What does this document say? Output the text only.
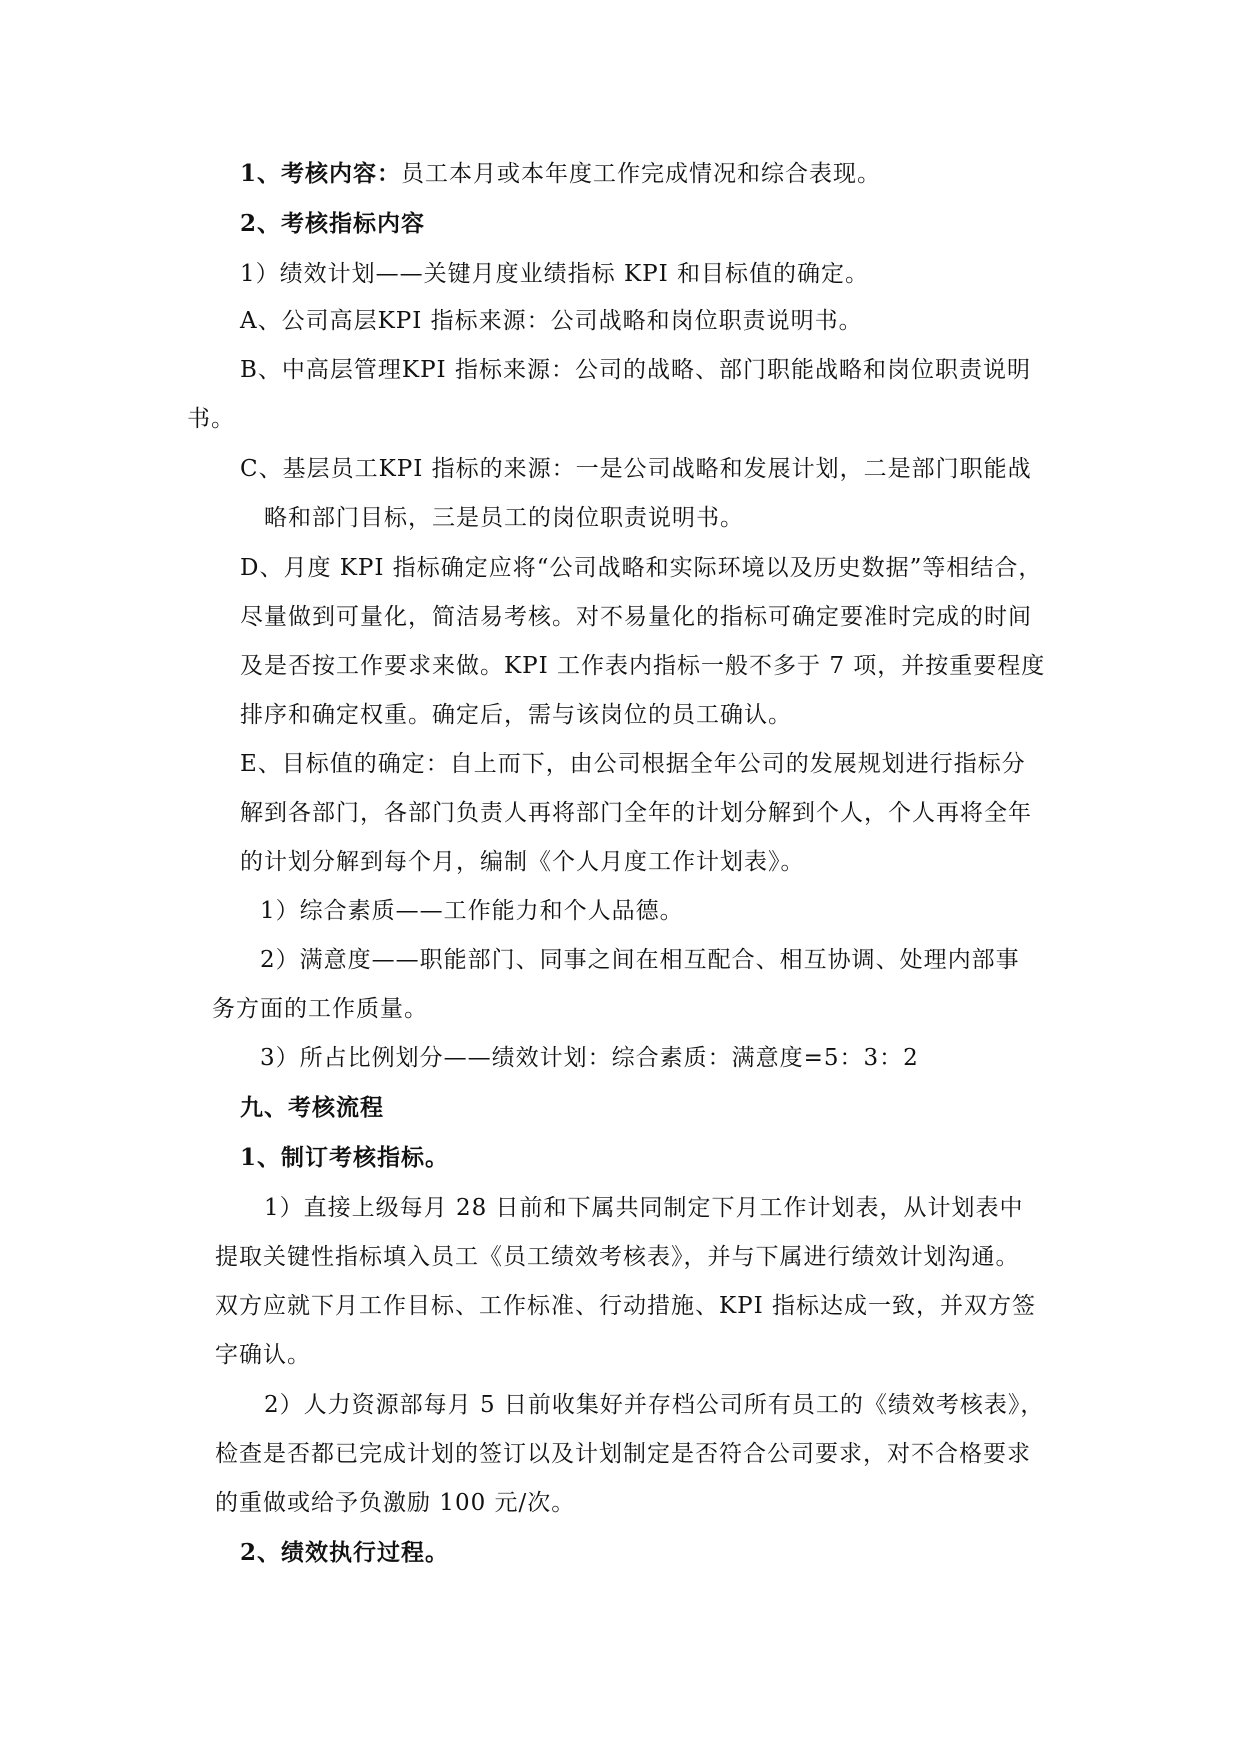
1、考核内容：员工本月或本年度工作完成情况和综合表现。
2、考核指标内容
1）绩效计划——关键月度业绩指标 KPI 和目标值的确定。
A、公司高层KPI 指标来源：公司战略和岗位职责说明书。
B、中高层管理KPI 指标来源：公司的战略、部门职能战略和岗位职责说明
书。
C、基层员工KPI 指标的来源：一是公司战略和发展计划，二是部门职能战
略和部门目标，三是员工的岗位职责说明书。
D、月度 KPI 指标确定应将“公司战略和实际环境以及历史数据”等相结合，
尽量做到可量化，简洁易考核。对不易量化的指标可确定要准时完成的时间
及是否按工作要求来做。KPI 工作表内指标一般不多于 7 项，并按重要程度
排序和确定权重。确定后，需与该岗位的员工确认。
E、目标值的确定：自上而下，由公司根据全年公司的发展规划进行指标分
解到各部门，各部门负责人再将部门全年的计划分解到个人，个人再将全年
的计划分解到每个月，编制《个人月度工作计划表》。
1）综合素质——工作能力和个人品德。
2）满意度——职能部门、同事之间在相互配合、相互协调、处理内部事
务方面的工作质量。
3）所占比例划分——绩效计划：综合素质：满意度=5：3：2
九、考核流程
1、制订考核指标。
1）直接上级每月 28 日前和下属共同制定下月工作计划表，从计划表中
提取关键性指标填入员工《员工绩效考核表》，并与下属进行绩效计划沟通。
双方应就下月工作目标、工作标准、行动措施、KPI 指标达成一致，并双方签
字确认。
2）人力资源部每月 5 日前收集好并存档公司所有员工的《绩效考核表》，
检查是否都已完成计划的签订以及计划制定是否符合公司要求，对不合格要求
的重做或给予负激励 100 元/次。
2、绩效执行过程。
